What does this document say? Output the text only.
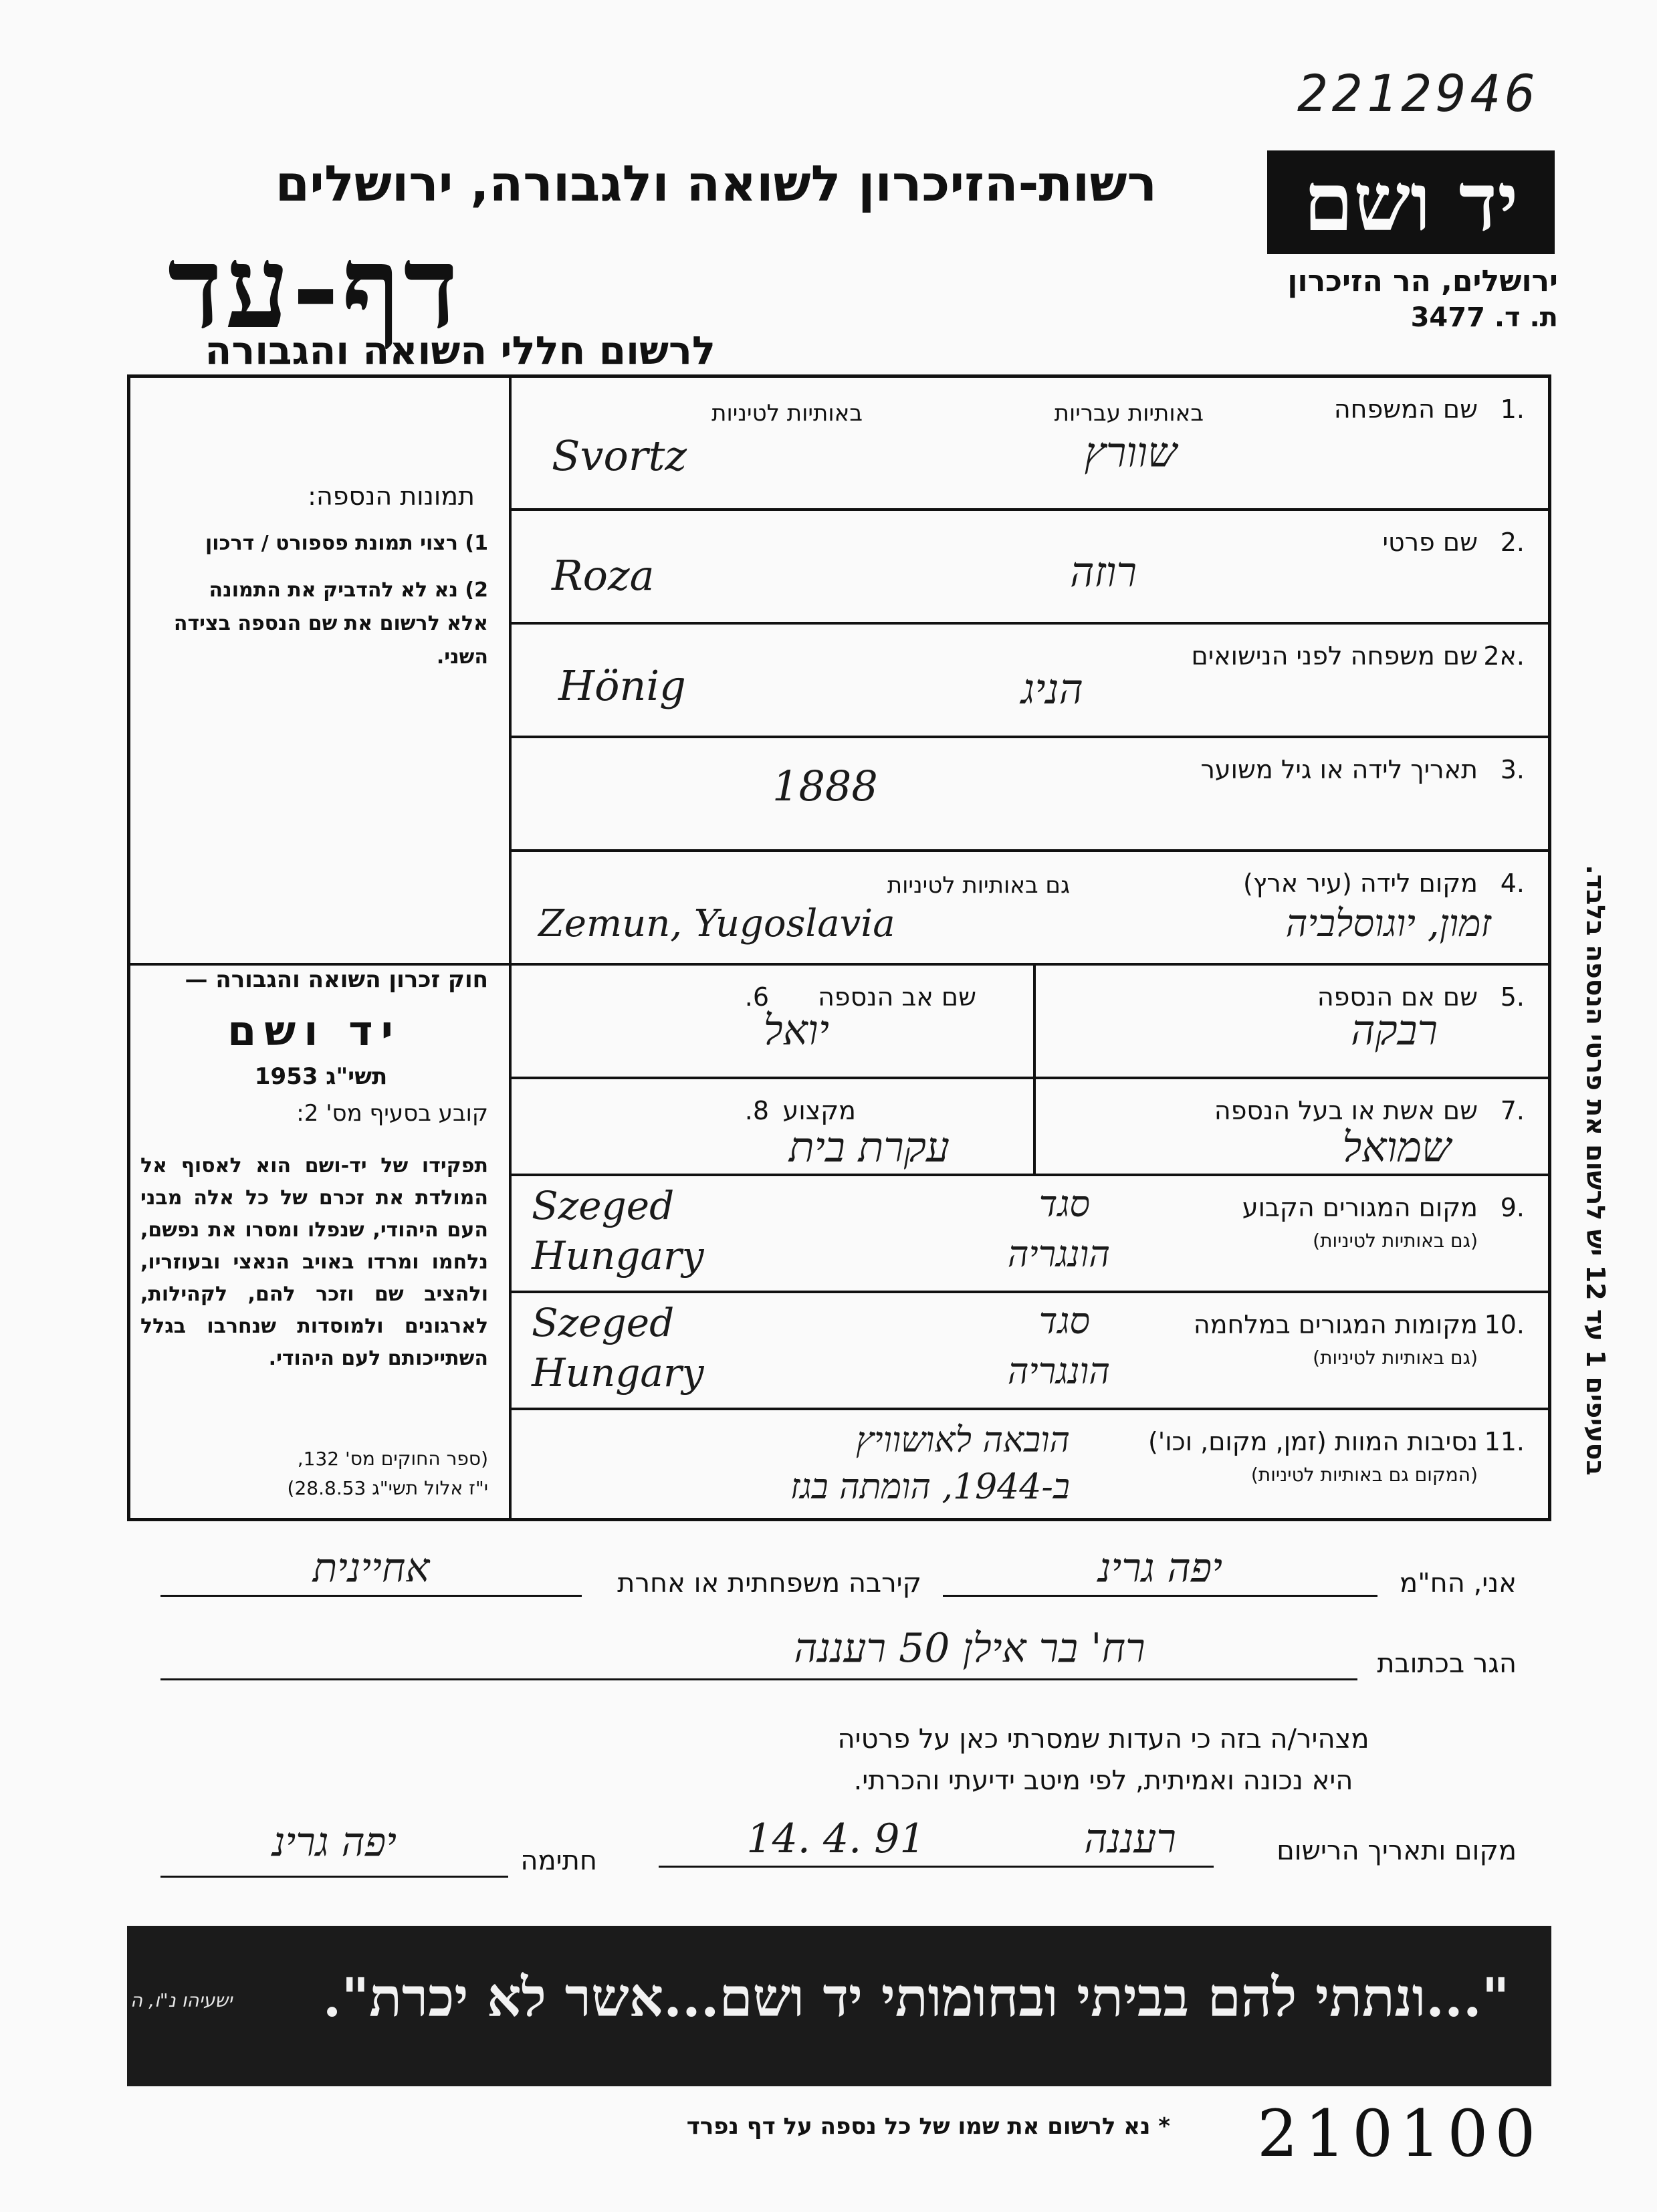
2212946
יד ושם
ירושלים, הר הזיכרון
ת. ד. 3477
רשות-הזיכרון לשואה ולגבורה, ירושלים
דף-עד
לרשום חללי השואה והגבורה
תמונות הנספה:
1) רצוי תמונת פספורט / דרכון
2) נא לא להדביק את התמונה
אלא לרשום את שם הנספה בצידה
השני.
חוק זכרון השואה והגבורה —
יד ושם
תשי"ג 1953
קובע בסעיף מס' 2:
תפקידו של יד-ושם הוא לאסוף אל המולדת את זכרם של כל אלה מבני העם היהודי, שנפלו ומסרו את נפשם, נלחמו ומרדו באויב הנאצי ובעוזריו, ולהציב שם וזכר להם, לקהילות, לארגונים ולמוסדות שנחרבו בגלל השתייכותם לעם היהודי.
(ספר החוקים מס' 132,
י"ז אלול תשי"ג 28.8.53)
1.
שם המשפחה
באותיות עבריות
באותיות לטיניות
שוורץ
Svortz
2.
שם פרטי
רוזה
Roza
2א.
שם משפחה לפני הנישואים
הניג
Hönig
3.
תאריך לידה או גיל משוער
1888
4.
מקום לידה (עיר ארץ)
גם באותיות לטיניות
זמון, יוגוסלביה
Zemun, Yugoslavia
5.
שם אם הנספה
רבקה
שם אב הנספה
6.
יואל
7.
שם אשת או בעל הנספה
שמואל
מקצוע
8.
עקרת בית
9.
מקום המגורים הקבוע
(גם באותיות לטיניות)
סגד
הונגריה
Szeged
Hungary
10.
מקומות המגורים במלחמה
(גם באותיות לטיניות)
סגד
הונגריה
Szeged
Hungary
11.
נסיבות המוות (זמן, מקום, וכו')
(המקום גם באותיות לטיניות)
הובאה לאושוויץ
ב-1944, הומתה בגז
אני, הח"מ
יפה גרינ
קירבה משפחתית או אחרת
אחיינית
הגר בכתובת
רח' בר אילן 50 רעננה
מצהיר/ה בזה כי העדות שמסרתי כאן על פרטיה
היא נכונה ואמיתית, לפי מיטב ידיעתי והכרתי.
מקום ותאריך הרישום
רעננה
14. 4. 91
חתימה
יפה גרינ
"...ונתתי להם בביתי ובחומותי יד ושם...אשר לא יכרת".
ישעיהו נ"ו, ה
* נא לרשום את שמו של כל נספה על דף נפרד 210100
בסעיפים 1 עד 12 יש לרשום את פרטי הנספה בלבד.
